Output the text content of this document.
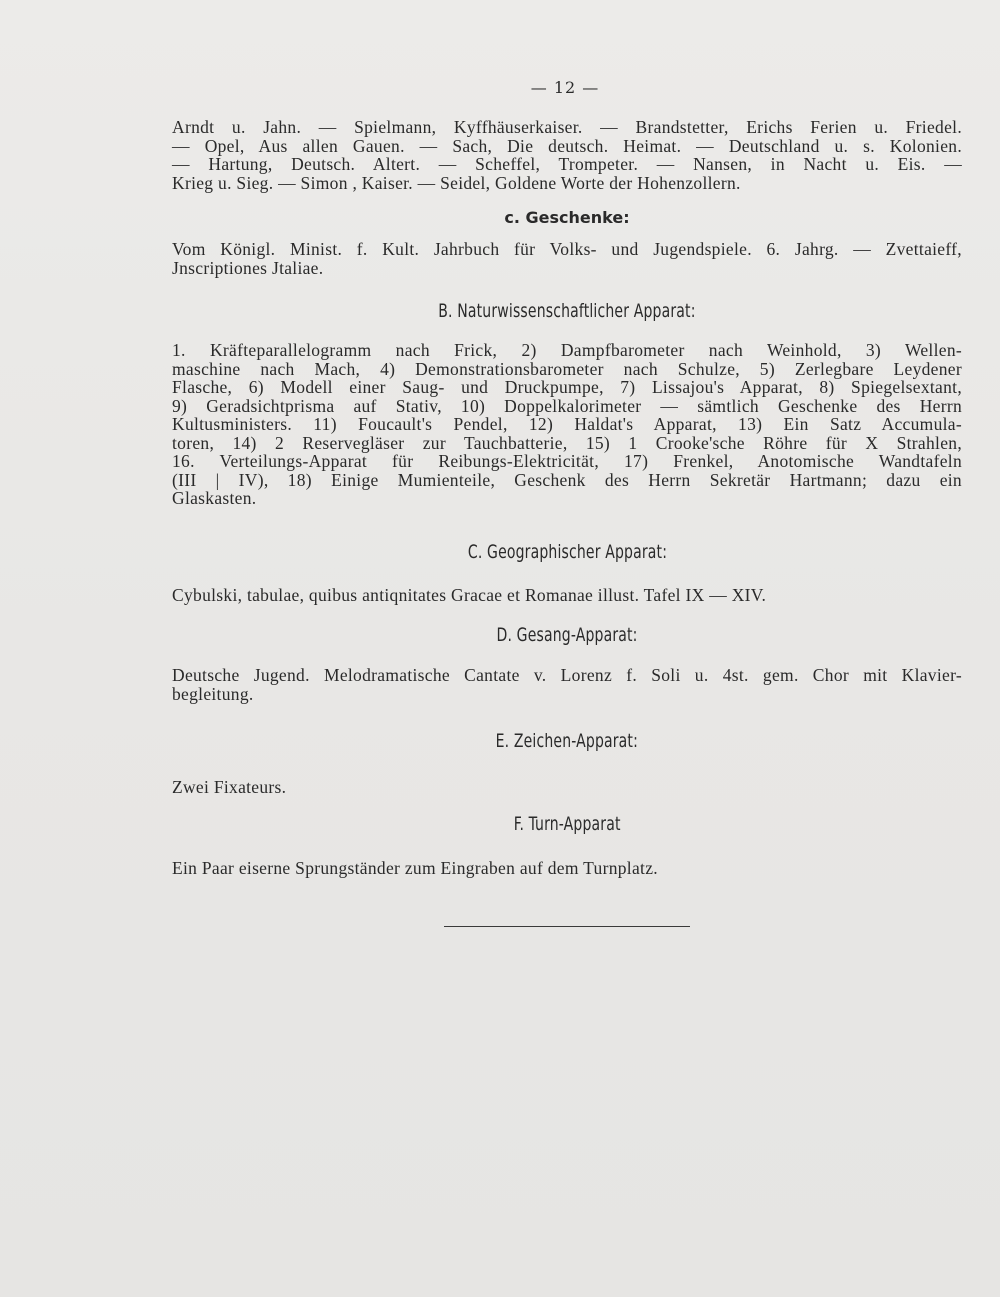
— 12 —

Arndt u. Jahn. — Spielmann, Kyffhäuserkaiser. — Brandstetter, Erichs Ferien u. Friedel.

— Opel, Aus allen Gauen. — Sach, Die deutsch. Heimat. — Deutschland u. s. Kolonien.

— Hartung, Deutsch. Altert. — Scheffel, Trompeter. — Nansen, in Nacht u. Eis. —

Krieg u. Sieg. — Simon , Kaiser. — Seidel, Goldene Worte der Hohenzollern.

c. Geschenke:

Vom Königl. Minist. f. Kult. Jahrbuch für Volks- und Jugendspiele. 6. Jahrg. — Zvettaieff,

Jnscriptiones Jtaliae.

B. Naturwissenschaftlicher Apparat:

1. Kräfteparallelogramm nach Frick, 2) Dampfbarometer nach Weinhold, 3) Wellen-

maschine nach Mach, 4) Demonstrationsbarometer nach Schulze, 5) Zerlegbare Leydener

Flasche, 6) Modell einer Saug- und Druckpumpe, 7) Lissajou's Apparat, 8) Spiegelsextant,

9) Geradsichtprisma auf Stativ, 10) Doppelkalorimeter — sämtlich Geschenke des Herrn

Kultusministers. 11) Foucault's Pendel, 12) Haldat's Apparat, 13) Ein Satz Accumula-

toren, 14) 2 Reservegläser zur Tauchbatterie, 15) 1 Crooke'sche Röhre für X Strahlen,

16. Verteilungs-Apparat für Reibungs-Elektricität, 17) Frenkel, Anotomische Wandtafeln

(III | IV), 18) Einige Mumienteile, Geschenk des Herrn Sekretär Hartmann; dazu ein

Glaskasten.

C. Geographischer Apparat:

Cybulski, tabulae, quibus antiqnitates Gracae et Romanae illust. Tafel IX — XIV.

D. Gesang-Apparat:

Deutsche Jugend. Melodramatische Cantate v. Lorenz f. Soli u. 4st. gem. Chor mit Klavier-

begleitung.

E. Zeichen-Apparat:

Zwei Fixateurs.

F. Turn-Apparat

Ein Paar eiserne Sprungständer zum Eingraben auf dem Turnplatz.
